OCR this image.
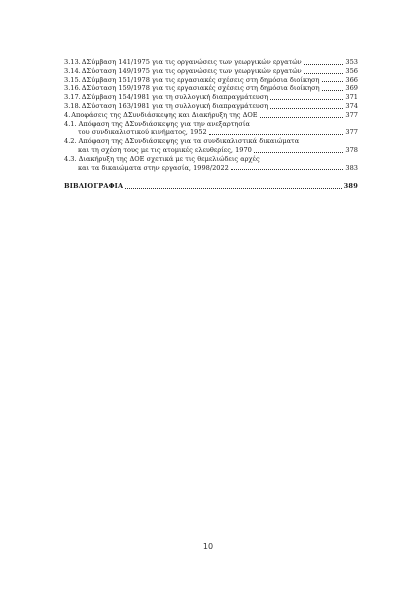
3.13. ΔΣύμβαση 141/1975 για τις οργανώσεις των γεωργικών εργατών	353
3.14. ΔΣύσταση 149/1975 για τις οργανώσεις των γεωργικών εργατών	356
3.15. ΔΣύμβαση 151/1978 για τις εργασιακές σχέσεις στη δημόσια διοίκηση	366
3.16. ΔΣύσταση 159/1978 για τις εργασιακές σχέσεις στη δημόσια διοίκηση	369
3.17. ΔΣύμβαση 154/1981 για τη συλλογική διαπραγμάτευση	371
3.18. ΔΣύσταση 163/1981 για τη συλλογική διαπραγμάτευση	374
4. Αποφάσεις της ΔΣυνδιάσκεψης και Διακήρυξη της ΔΟΕ	377
4.1. Απόφαση της ΔΣυνδιάσκεψης για την ανεξαρτησία
του συνδικαλιστικού κινήματος, 1952	377
4.2. Απόφαση της ΔΣυνδιάσκεψης για τα συνδικαλιστικά δικαιώματα
και τη σχέση τους με τις ατομικές ελευθερίες, 1970	378
4.3. Διακήρυξη της ΔΟΕ σχετικά με τις θεμελιώδεις αρχές
και τα δικαιώματα στην εργασία, 1998/2022	383
ΒΙΒΛΙΟΓΡΑΦΙΑ	389
10
